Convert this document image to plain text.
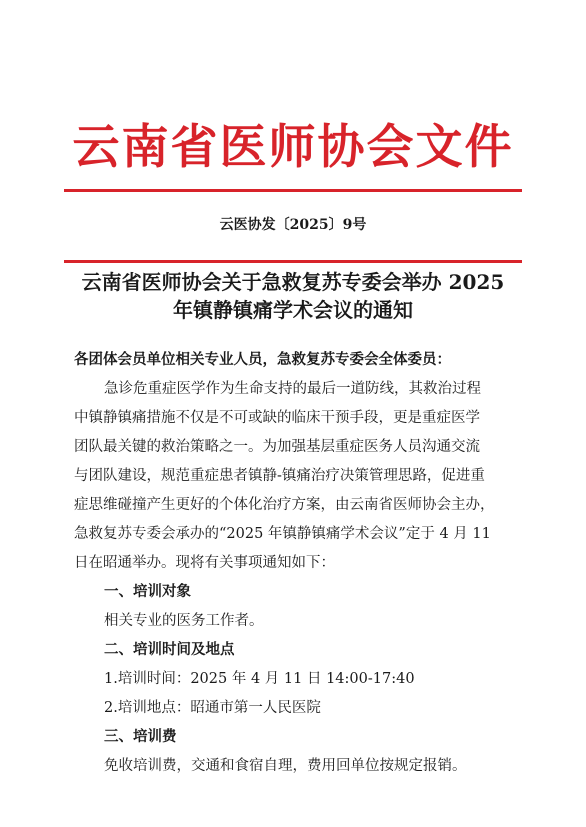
云南省医师协会文件
云医协发〔2025〕9号
云南省医师协会关于急救复苏专委会举办 2025
年镇静镇痛学术会议的通知
各团体会员单位相关专业人员，急救复苏专委会全体委员：
急诊危重症医学作为生命支持的最后一道防线，其救治过程
中镇静镇痛措施不仅是不可或缺的临床干预手段，更是重症医学
团队最关键的救治策略之一。为加强基层重症医务人员沟通交流
与团队建设，规范重症患者镇静-镇痛治疗决策管理思路，促进重
症思维碰撞产生更好的个体化治疗方案，由云南省医师协会主办，
急救复苏专委会承办的“2025 年镇静镇痛学术会议”定于 4 月 11
日在昭通举办。现将有关事项通知如下：
一、培训对象
相关专业的医务工作者。
二、培训时间及地点
1.培训时间：2025 年 4 月 11 日 14:00-17:40
2.培训地点：昭通市第一人民医院
三、培训费
免收培训费，交通和食宿自理，费用回单位按规定报销。
